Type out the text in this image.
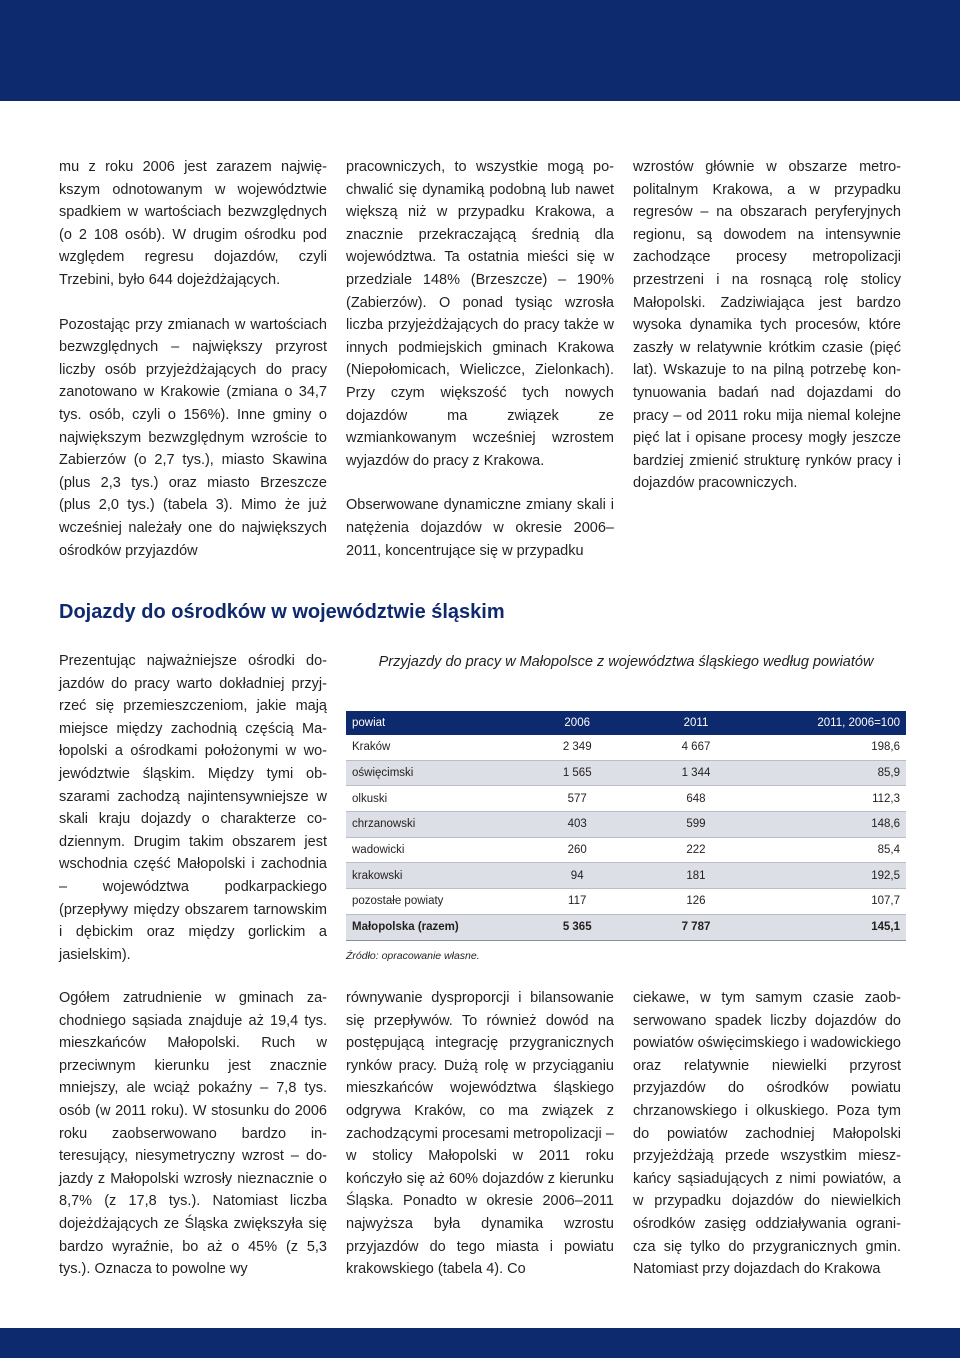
mu z roku 2006 jest zarazem największym odnotowanym w województwie spadkiem w wartościach bezwzględnych (o 2 108 osób). W drugim ośrodku pod względem regresu dojazdów, czyli Trzebini, było 644 dojeżdżających.

Pozostając przy zmianach w wartościach bezwzględnych – największy przyrost liczby osób przyjeżdżających do pracy zanotowano w Krakowie (zmiana o 34,7 tys. osób, czyli o 156%). Inne gminy o największym bezwzględnym wzroście to Zabierzów (o 2,7 tys.), miasto Skawina (plus 2,3 tys.) oraz miasto Brzeszcze (plus 2,0 tys.) (tabela 3). Mimo że już wcześniej należały one do największych ośrodków przyjazdów

pracowniczych, to wszystkie mogą pochwalić się dynamiką podobną lub nawet większą niż w przypadku Krakowa, a znacznie przekraczającą średnią dla województwa. Ta ostatnia mieści się w przedziale 148% (Brzeszcze) – 190% (Zabierzów). O ponad tysiąc wzrosła liczba przyjeżdżających do pracy także w innych podmiejskich gminach Krakowa (Niepołomicach, Wieliczce, Zielonkach). Przy czym większość tych nowych dojazdów ma związek ze wzmiankowanym wcześniej wzrostem wyjazdów do pracy z Krakowa.

Obserwowane dynamiczne zmiany skali i natężenia dojazdów w okresie 2006–2011, koncentrujące się w przypadku

wzrostów głównie w obszarze metropolitalnym Krakowa, a w przypadku regresów – na obszarach peryferyjnych regionu, są dowodem na intensywnie zachodzące procesy metropolizacji przestrzeni i na rosnącą rolę stolicy Małopolski. Zadziwiająca jest bardzo wysoka dynamika tych procesów, które zaszły w relatywnie krótkim czasie (pięć lat). Wskazuje to na pilną potrzebę kontynuowania badań nad dojazdami do pracy – od 2011 roku mija niemal kolejne pięć lat i opisane procesy mogły jeszcze bardziej zmienić strukturę rynków pracy i dojazdów pracowniczych.

Dojazdy do ośrodków w województwie śląskim

Prezentując najważniejsze ośrodki dojazdów do pracy warto dokładniej przyjrzeć się przemieszczeniom, jakie mają miejsce między zachodnią częścią Małopolski a ośrodkami położonymi w województwie śląskim. Między tymi obszarami zachodzą najintensywniejsze w skali kraju dojazdy o charakterze codziennym. Drugim takim obszarem jest wschodnia część Małopolski i zachodnia – województwa podkarpackiego (przepływy między obszarem tarnowskim i dębickim oraz między gorlickim a jasielskim).

Przyjazdy do pracy w Małopolsce z województwa śląskiego według powiatów

powiat	2006	2011	2011, 2006=100
Kraków	2 349	4 667	198,6
oświęcimski	1 565	1 344	85,9
olkuski	577	648	112,3
chrzanowski	403	599	148,6
wadowicki	260	222	85,4
krakowski	94	181	192,5
pozostałe powiaty	117	126	107,7
Małopolska (razem)	5 365	7 787	145,1

Źródło: opracowanie własne.

Ogółem zatrudnienie w gminach zachodniego sąsiada znajduje aż 19,4 tys. mieszkańców Małopolski. Ruch w przeciwnym kierunku jest znacznie mniejszy, ale wciąż pokaźny – 7,8 tys. osób (w 2011 roku). W stosunku do 2006 roku zaobserwowano bardzo interesujący, niesymetryczny wzrost – dojazdy z Małopolski wzrosły nieznacznie o 8,7% (z 17,8 tys.). Natomiast liczba dojeżdżających ze Śląska zwiększyła się bardzo wyraźnie, bo aż o 45% (z 5,3 tys.). Oznacza to powolne wy

równywanie dysproporcji i bilansowanie się przepływów. To również dowód na postępującą integrację przygranicznych rynków pracy. Dużą rolę w przyciąganiu mieszkańców województwa śląskiego odgrywa Kraków, co ma związek z zachodzącymi procesami metropolizacji – w stolicy Małopolski w 2011 roku kończyło się aż 60% dojazdów z kierunku Śląska. Ponadto w okresie 2006–2011 najwyższa była dynamika wzrostu przyjazdów do tego miasta i powiatu krakowskiego (tabela 4). Co

ciekawe, w tym samym czasie zaobserwowano spadek liczby dojazdów do powiatów oświęcimskiego i wadowickiego oraz relatywnie niewielki przyrost przyjazdów do ośrodków powiatu chrzanowskiego i olkuskiego. Poza tym do powiatów zachodniej Małopolski przyjeżdżają przede wszystkim mieszkańcy sąsiadujących z nimi powiatów, a w przypadku dojazdów do niewielkich ośrodków zasięg oddziaływania ogranicza się tylko do przygranicznych gmin. Natomiast przy dojazdach do Krakowa
